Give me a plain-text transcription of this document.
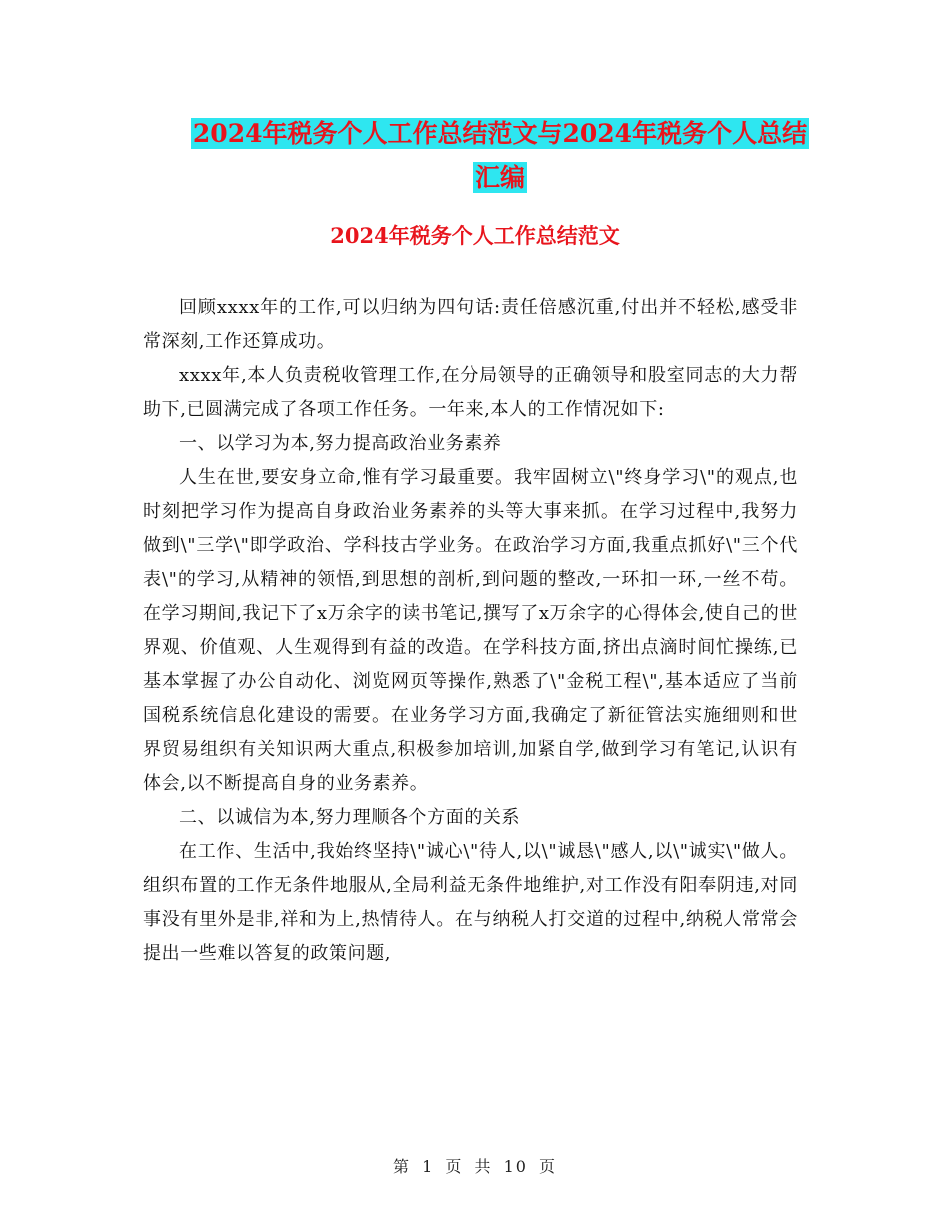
2024年税务个人工作总结范文与2024年税务个人总结
汇编
2024年税务个人工作总结范文

回顾xxxx年的工作,可以归纳为四句话:责任倍感沉重,付出并不轻松,感受非常深刻,工作还算成功。

xxxx年,本人负责税收管理工作,在分局领导的正确领导和股室同志的大力帮助下,已圆满完成了各项工作任务。一年来,本人的工作情况如下:

一、以学习为本,努力提高政治业务素养

人生在世,要安身立命,惟有学习最重要。我牢固树立\"终身学习\"的观点,也时刻把学习作为提高自身政治业务素养的头等大事来抓。在学习过程中,我努力做到\"三学\"即学政治、学科技古学业务。在政治学习方面,我重点抓好\"三个代表\"的学习,从精神的领悟,到思想的剖析,到问题的整改,一环扣一环,一丝不苟。在学习期间,我记下了x万余字的读书笔记,撰写了x万余字的心得体会,使自己的世界观、价值观、人生观得到有益的改造。在学科技方面,挤出点滴时间忙操练,已基本掌握了办公自动化、浏览网页等操作,熟悉了\"金税工程\",基本适应了当前国税系统信息化建设的需要。在业务学习方面,我确定了新征管法实施细则和世界贸易组织有关知识两大重点,积极参加培训,加紧自学,做到学习有笔记,认识有体会,以不断提高自身的业务素养。

二、以诚信为本,努力理顺各个方面的关系

在工作、生活中,我始终坚持\"诚心\"待人,以\"诚恳\"感人,以\"诚实\"做人。组织布置的工作无条件地服从,全局利益无条件地维护,对工作没有阳奉阴违,对同事没有里外是非,祥和为上,热情待人。在与纳税人打交道的过程中,纳税人常常会提出一些难以答复的政策问题,

第 1 页 共 10 页
